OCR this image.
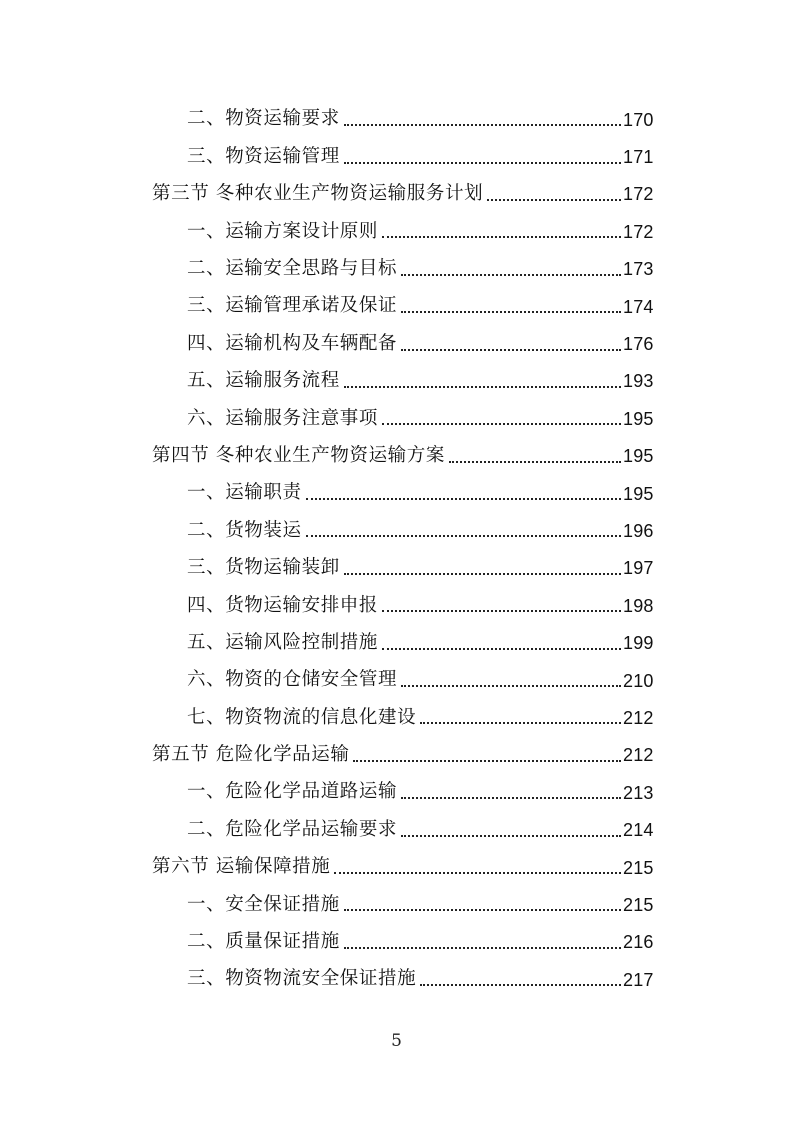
二、物资运输要求	170
三、物资运输管理	171
第三节 冬种农业生产物资运输服务计划	172
一、运输方案设计原则	172
二、运输安全思路与目标	173
三、运输管理承诺及保证	174
四、运输机构及车辆配备	176
五、运输服务流程	193
六、运输服务注意事项	195
第四节 冬种农业生产物资运输方案	195
一、运输职责	195
二、货物装运	196
三、货物运输装卸	197
四、货物运输安排申报	198
五、运输风险控制措施	199
六、物资的仓储安全管理	210
七、物资物流的信息化建设	212
第五节 危险化学品运输	212
一、危险化学品道路运输	213
二、危险化学品运输要求	214
第六节 运输保障措施	215
一、安全保证措施	215
二、质量保证措施	216
三、物资物流安全保证措施	217
5
